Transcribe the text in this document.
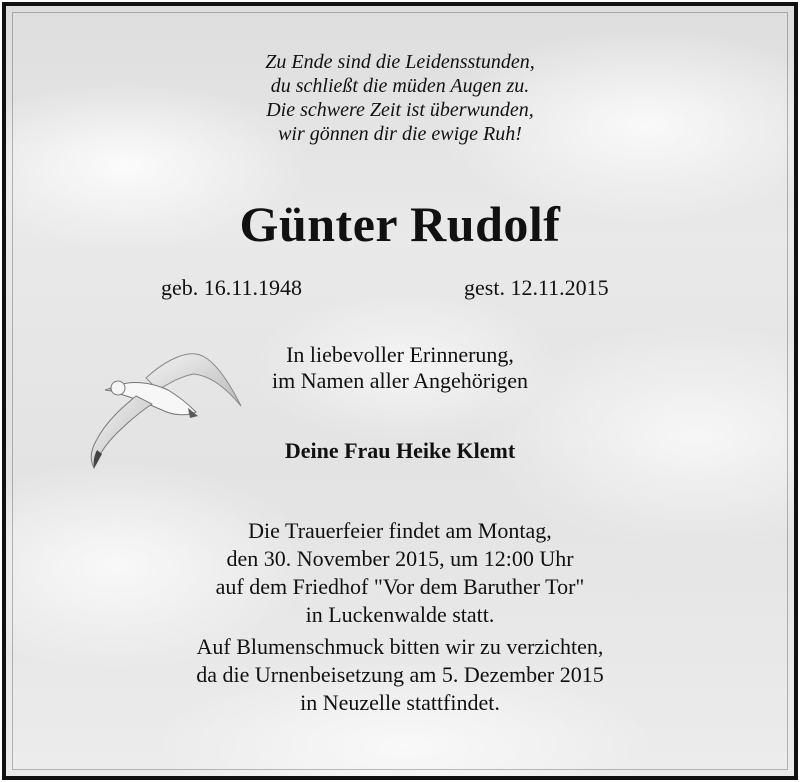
Zu Ende sind die Leidensstunden,
du schließt die müden Augen zu.
Die schwere Zeit ist überwunden,
wir gönnen dir die ewige Ruh!
Günter Rudolf
geb. 16.11.1948	gest. 12.11.2015
In liebevoller Erinnerung,
im Namen aller Angehörigen
Deine Frau Heike Klemt
Die Trauerfeier findet am Montag,
den 30. November 2015, um 12:00 Uhr
auf dem Friedhof "Vor dem Baruther Tor"
in Luckenwalde statt.
Auf Blumenschmuck bitten wir zu verzichten,
da die Urnenbeisetzung am 5. Dezember 2015
in Neuzelle stattfindet.
